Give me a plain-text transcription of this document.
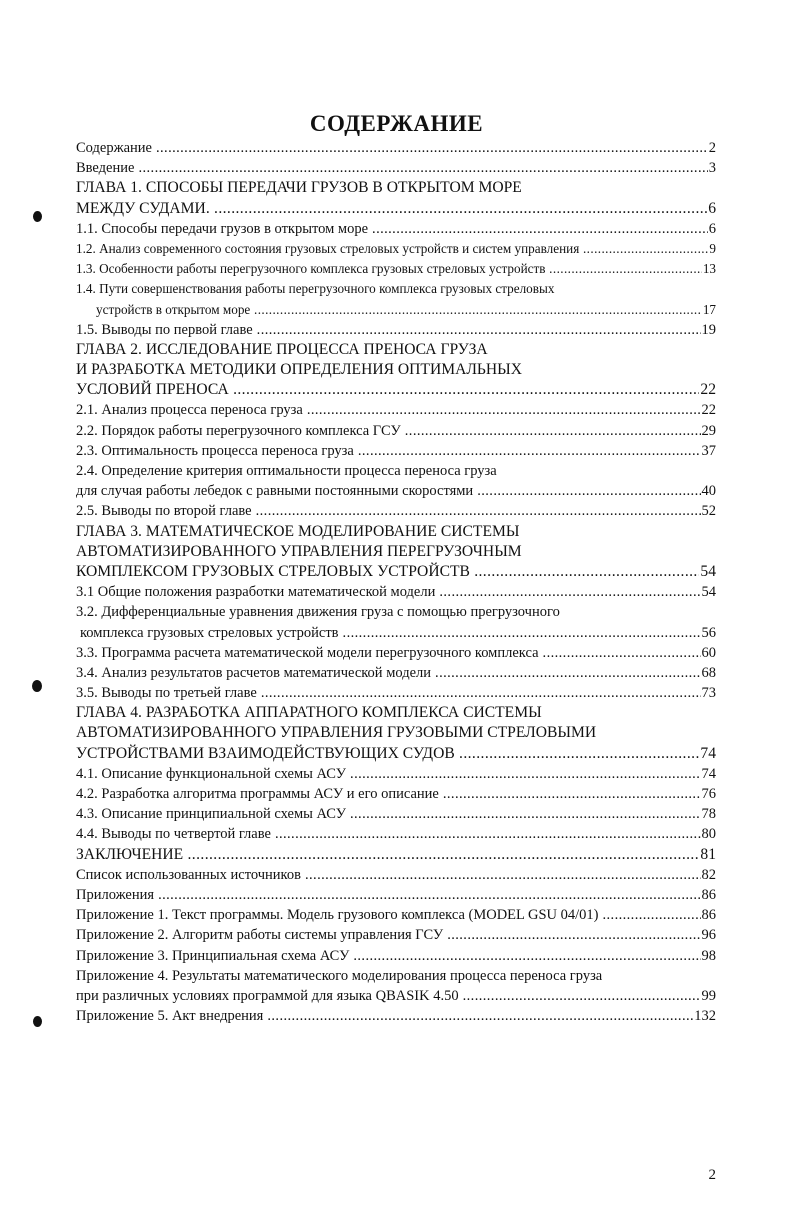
СОДЕРЖАНИЕ
Содержание .....	2
Введение .....	3
ГЛАВА 1. СПОСОБЫ ПЕРЕДАЧИ ГРУЗОВ В ОТКРЫТОМ МОРЕ
МЕЖДУ СУДАМИ. .....	6
1.1. Способы передачи грузов в открытом море .....	6
1.2. Анализ современного состояния грузовых стреловых устройств и систем управления .....	9
1.3. Особенности работы перегрузочного комплекса грузовых стреловых устройств .....	13
1.4. Пути совершенствования работы перегрузочного комплекса грузовых стреловых
устройств в открытом море .....	17
1.5. Выводы по первой главе .....	19
ГЛАВА 2. ИССЛЕДОВАНИЕ ПРОЦЕССА ПРЕНОСА ГРУЗА
И РАЗРАБОТКА МЕТОДИКИ ОПРЕДЕЛЕНИЯ ОПТИМАЛЬНЫХ
УСЛОВИЙ ПРЕНОСА .....	22
2.1. Анализ процесса переноса груза .....	22
2.2. Порядок работы перегрузочного комплекса ГСУ .....	29
2.3. Оптимальность процесса переноса груза .....	37
2.4. Определение критерия оптимальности процесса переноса груза
для случая работы лебедок с равными постоянными скоростями .....	40
2.5. Выводы по второй главе .....	52
ГЛАВА 3. МАТЕМАТИЧЕСКОЕ МОДЕЛИРОВАНИЕ СИСТЕМЫ
АВТОМАТИЗИРОВАННОГО УПРАВЛЕНИЯ ПЕРЕГРУЗОЧНЫМ
КОМПЛЕКСОМ ГРУЗОВЫХ СТРЕЛОВЫХ УСТРОЙСТВ .....	54
3.1 Общие положения разработки математической модели .....	54
3.2. Дифференциальные уравнения движения груза с помощью прегрузочного
комплекса грузовых стреловых устройств .....	56
3.3. Программа расчета математической модели перегрузочного комплекса .....	60
3.4. Анализ результатов расчетов математической модели .....	68
3.5. Выводы по третьей главе .....	73
ГЛАВА 4. РАЗРАБОТКА АППАРАТНОГО КОМПЛЕКСА СИСТЕМЫ
АВТОМАТИЗИРОВАННОГО УПРАВЛЕНИЯ ГРУЗОВЫМИ СТРЕЛОВЫМИ
УСТРОЙСТВАМИ ВЗАИМОДЕЙСТВУЮЩИХ СУДОВ .....	74
4.1. Описание функциональной схемы АСУ .....	74
4.2. Разработка алгоритма программы АСУ и его описание .....	76
4.3. Описание принципиальной схемы АСУ .....	78
4.4. Выводы по четвертой главе .....	80
ЗАКЛЮЧЕНИЕ .....	81
Список использованных источников .....	82
Приложения .....	86
Приложение 1. Текст программы. Модель грузового комплекса (MODEL GSU 04/01) .....	86
Приложение 2. Алгоритм работы системы управления ГСУ .....	96
Приложение 3. Принципиальная схема АСУ .....	98
Приложение 4. Результаты математического моделирования процесса переноса груза
при различных условиях программой для языка QBASIK 4.50 .....	99
Приложение 5. Акт внедрения .....	132
2
